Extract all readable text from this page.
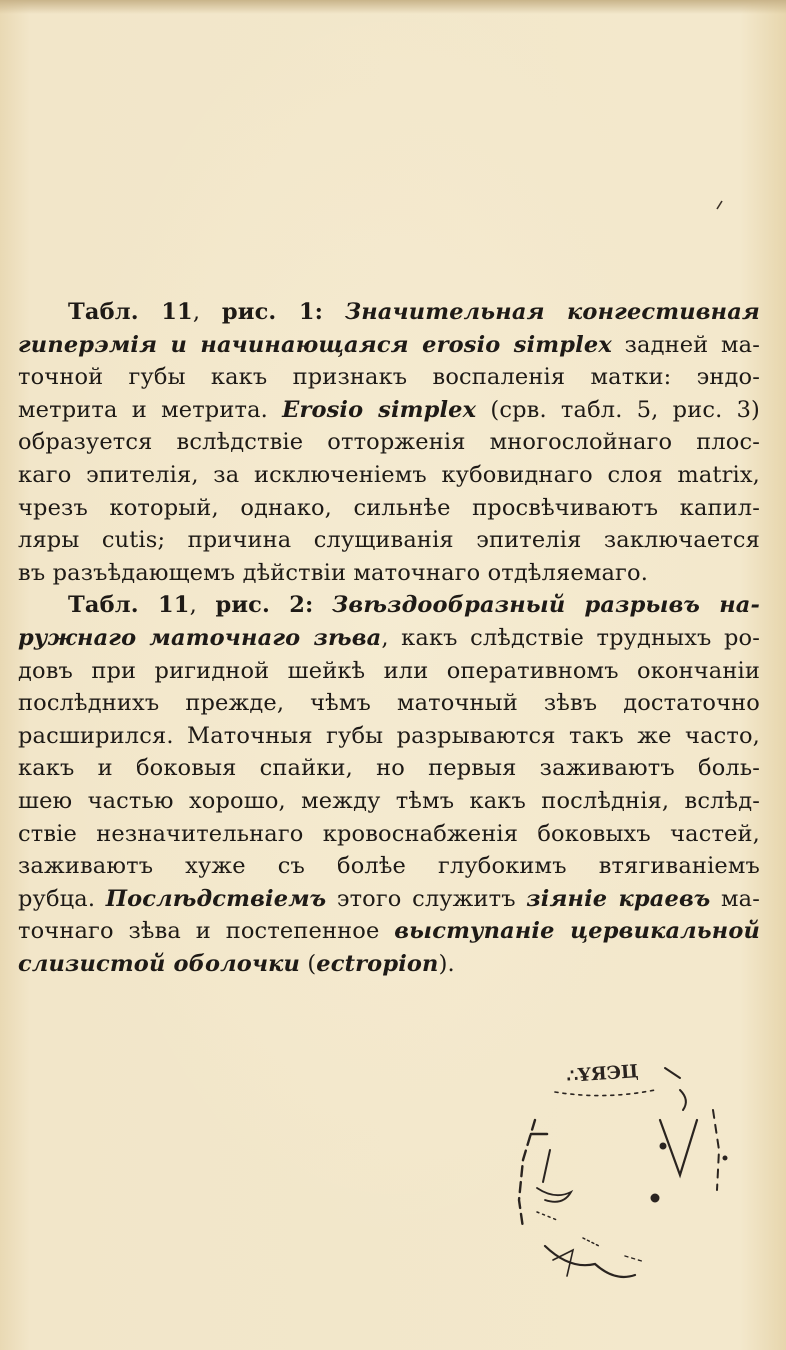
Табл. 11, рис. 1: Значительная конгестивная
гиперэмія и начинающаяся erosio simplex задней ма-
точной губы какъ признакъ воспаленія матки: эндо-
метрита и метрита. Erosio simplex (срв. табл. 5, рис. 3)
образуется вслѣдствіе отторженія многослойнаго плос-
каго эпителія, за исключеніемъ кубовиднаго слоя matrix,
чрезъ который, однако, сильнѣе просвѣчиваютъ капил-
ляры cutis; причина слущиванія эпителія заключается
въ разъѣдающемъ дѣйствіи маточнаго отдѣляемаго.
Табл. 11, рис. 2: Звѣздообразный разрывъ на-
ружнаго маточнаго зѣва, какъ слѣдствіе трудныхъ ро-
довъ при ригидной шейкѣ или оперативномъ окончаніи
послѣднихъ прежде, чѣмъ маточный зѣвъ достаточно
расширился. Маточныя губы разрываются такъ же часто,
какъ и боковыя спайки, но первыя заживаютъ боль-
шею частью хорошо, между тѣмъ какъ послѣднія, вслѣд-
ствіе незначительнаго кровоснабженія боковыхъ частей,
заживаютъ хуже съ болѣе глубокимъ втягиваніемъ
рубца. Послѣдствіемъ этого служитъ зіяніе краевъ ма-
точнаго зѣва и постепенное выступаніе цервикальной
слизистой оболочки (ectropion).
∴ҰЯЭЦ
